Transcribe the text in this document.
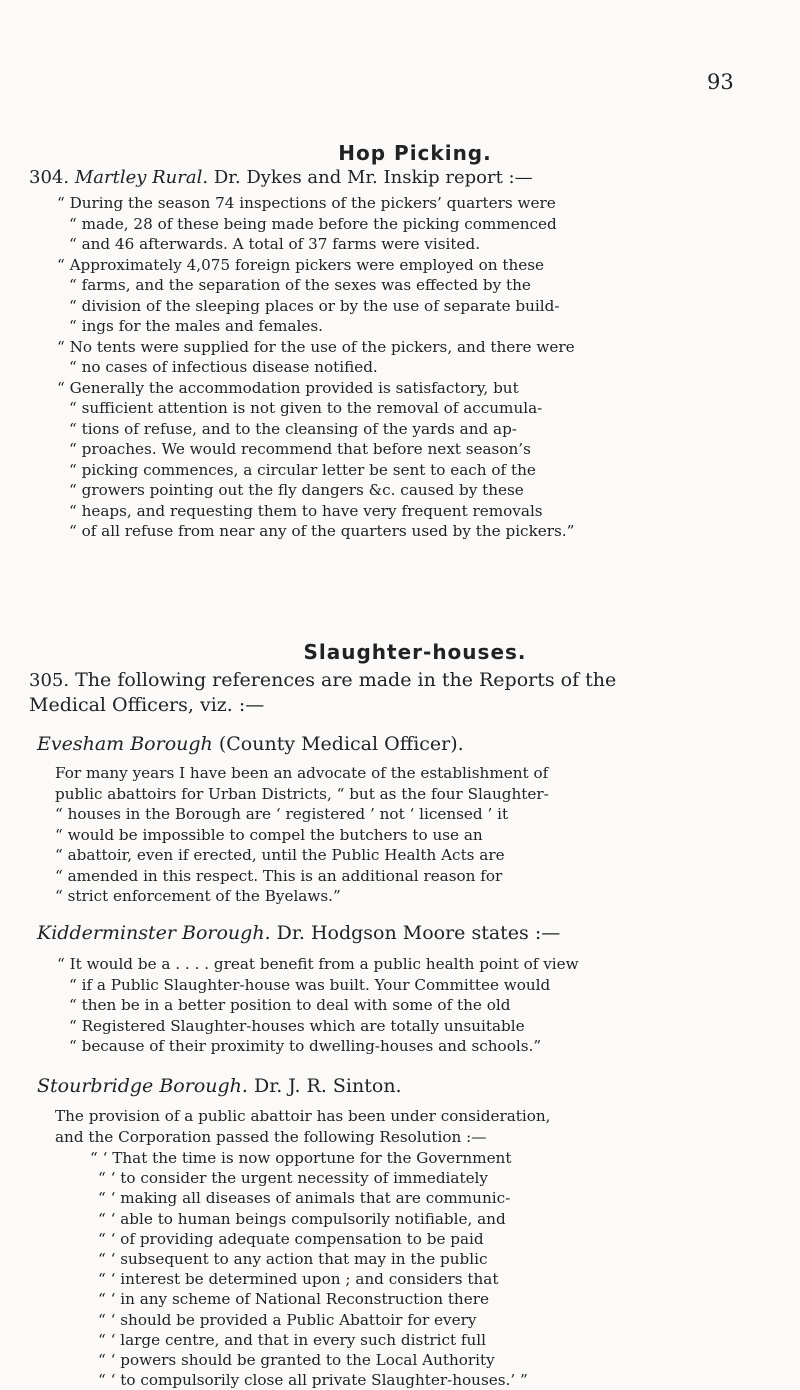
93
Hop Picking.
304. Martley Rural. Dr. Dykes and Mr. Inskip report :—
“ During the season 74 inspections of the pickers’ quarters were
“ made, 28 of these being made before the picking commenced
“ and 46 afterwards. A total of 37 farms were visited.
“ Approximately 4,075 foreign pickers were employed on these
“ farms, and the separation of the sexes was effected by the
“ division of the sleeping places or by the use of separate build-
“ ings for the males and females.
“ No tents were supplied for the use of the pickers, and there were
“ no cases of infectious disease notified.
“ Generally the accommodation provided is satisfactory, but
“ sufficient attention is not given to the removal of accumula-
“ tions of refuse, and to the cleansing of the yards and ap-
“ proaches. We would recommend that before next season’s
“ picking commences, a circular letter be sent to each of the
“ growers pointing out the fly dangers &c. caused by these
“ heaps, and requesting them to have very frequent removals
“ of all refuse from near any of the quarters used by the pickers.”
Slaughter-houses.
305. The following references are made in the Reports of the
Medical Officers, viz. :—
Evesham Borough (County Medical Officer).
For many years I have been an advocate of the establishment of
public abattoirs for Urban Districts, “ but as the four Slaughter-
“ houses in the Borough are ‘ registered ’ not ‘ licensed ’ it
“ would be impossible to compel the butchers to use an
“ abattoir, even if erected, until the Public Health Acts are
“ amended in this respect. This is an additional reason for
“ strict enforcement of the Byelaws.”
Kidderminster Borough. Dr. Hodgson Moore states :—
“ It would be a . . . . great benefit from a public health point of view
“ if a Public Slaughter-house was built. Your Committee would
“ then be in a better position to deal with some of the old
“ Registered Slaughter-houses which are totally unsuitable
“ because of their proximity to dwelling-houses and schools.”
Stourbridge Borough. Dr. J. R. Sinton.
The provision of a public abattoir has been under consideration,
and the Corporation passed the following Resolution :—
“ ‘ That the time is now opportune for the Government
“ ‘ to consider the urgent necessity of immediately
“ ‘ making all diseases of animals that are communic-
“ ‘ able to human beings compulsorily notifiable, and
“ ‘ of providing adequate compensation to be paid
“ ‘ subsequent to any action that may in the public
“ ‘ interest be determined upon ; and considers that
“ ‘ in any scheme of National Reconstruction there
“ ‘ should be provided a Public Abattoir for every
“ ‘ large centre, and that in every such district full
“ ‘ powers should be granted to the Local Authority
“ ‘ to compulsorily close all private Slaughter-houses.’ ”
